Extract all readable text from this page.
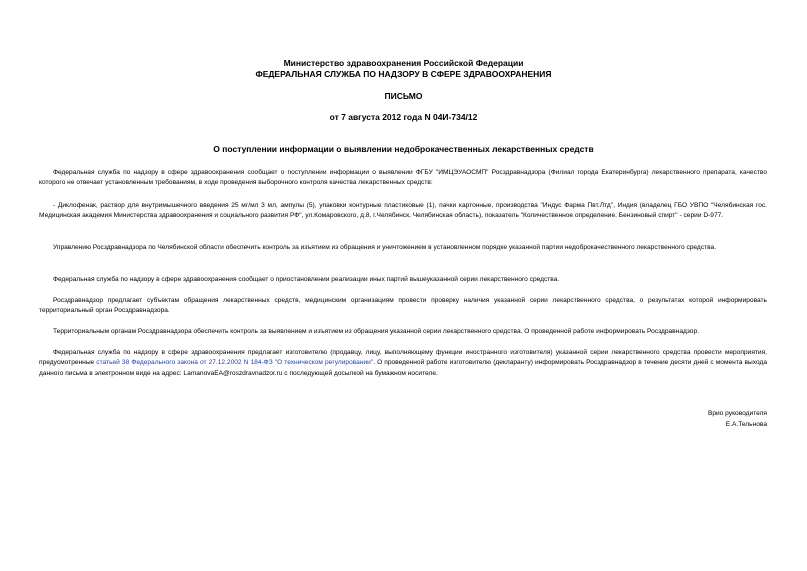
Министерство здравоохранения Российской Федерации
ФЕДЕРАЛЬНАЯ СЛУЖБА ПО НАДЗОРУ В СФЕРЕ ЗДРАВООХРАНЕНИЯ
ПИСЬМО
от 7 августа 2012 года N 04И-734/12
О поступлении информации о выявлении недоброкачественных лекарственных средств
Федеральная служба по надзору в сфере здравоохранения сообщает о поступлении информации о выявлении ФГБУ "ИМЦЭУАОСМП" Росздравнадзора (Филиал города Екатеринбурга) лекарственного препарата, качество которого не отвечает установленным требованиям, в ходе проведения выборочного контроля качества лекарственных средств:
- Диклофенак, раствор для внутримышечного введения 25 мг/мл 3 мл, ампулы (5), упаковки контурные пластиковые (1), пачки картонные, производства "Индус Фарма Пвт.Лтд", Индия (владелец ГБО УВПО "Челябинская гос. Медицинская академия Министерства здравоохранения и социального развития РФ", ул.Комаровского, д.8, г.Челябинск, Челябинская область), показатель "Количественное определение. Бензиновый спирт" - серии D-977.
Управлению Росздравнадзора по Челябинской области обеспечить контроль за изъятием из обращения и уничтожением в установленном порядке указанной партии недоброкачественного лекарственного средства.
Федеральная служба по надзору в сфере здравоохранения сообщает о приостановлении реализации иных партий вышеуказанной серии лекарственного средства.
Росздравнадзор предлагает субъектам обращения лекарственных средств, медицинским организациям провести проверку наличия указанной серии лекарственного средства, о результатах которой информировать территориальный орган Росздравнадзора.
Территориальным органам Росздравнадзора обеспечить контроль за выявлением и изъятием из обращения указанной серии лекарственного средства. О проведенной работе информировать Росздравнадзор.
Федеральная служба по надзору в сфере здравоохранения предлагает изготовителю (продавцу, лицу, выполняющему функции иностранного изготовителя) указанной серии лекарственного средства провести мероприятия, предусмотренные статьей 38 Федерального закона от 27.12.2002 N 184-ФЗ "О техническом регулировании". О проведенной работе изготовителю (декларанту) информировать Росздравнадзор в течение десяти дней с момента выхода данного письма в электронном виде на адрес: LamanovaEA@roszdravnadzor.ru с последующей досылкой на бумажном носителе.
Врио руководителя
Е.А.Тельнова
